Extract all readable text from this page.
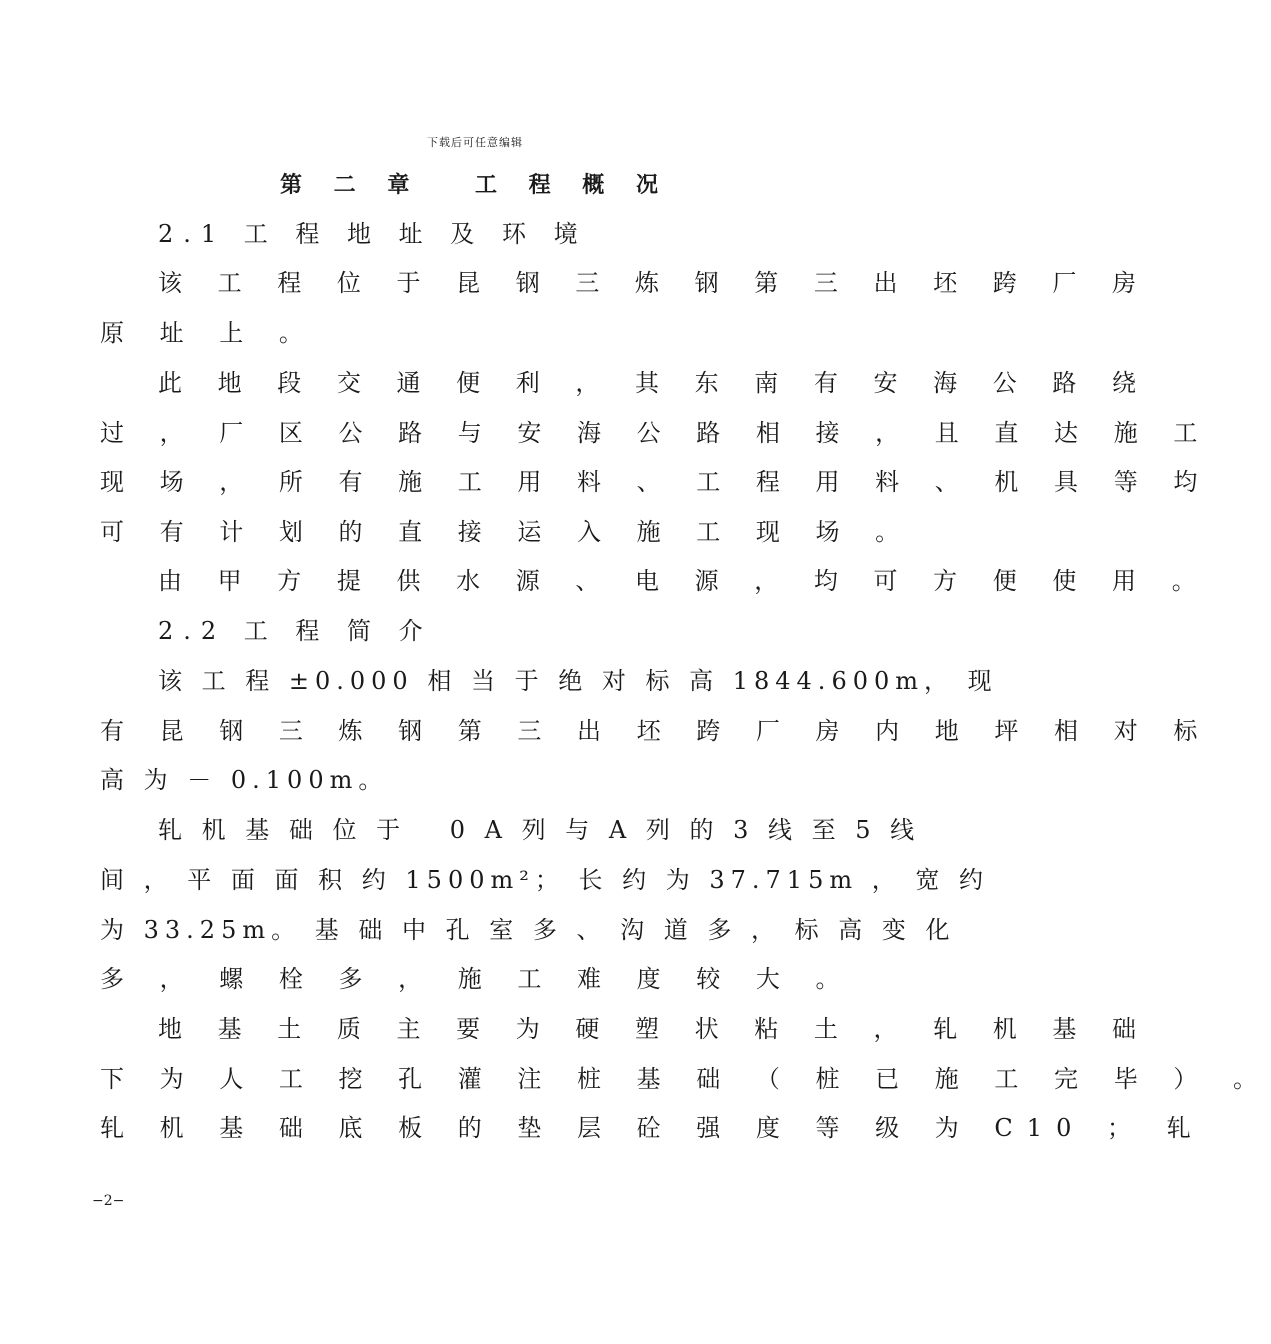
下载后可任意编辑
第 二 章 　工 程 概 况
2.1 工 程 地 址 及 环 境
该 工 程 位 于 昆 钢 三 炼 钢 第 三 出 坯 跨 厂 房
原 址 上 。
此 地 段 交 通 便 利 ， 其 东 南 有 安 海 公 路 绕
过 ， 厂 区 公 路 与 安 海 公 路 相 接 ， 且 直 达 施 工
现 场 ， 所 有 施 工 用 料 、 工 程 用 料 、 机 具 等 均
可 有 计 划 的 直 接 运 入 施 工 现 场 。
由 甲 方 提 供 水 源 、 电 源 ， 均 可 方 便 使 用 。
2.2 工 程 简 介
该 工 程 ±0.000 相 当 于 绝 对 标 高 1844.600m， 现
有 昆 钢 三 炼 钢 第 三 出 坯 跨 厂 房 内 地 坪 相 对 标
高 为 － 0.100m。
轧 机 基 础 位 于 　0 A 列 与 A 列 的 3 线 至 5 线
间 ， 平 面 面 积 约 1500m²； 长 约 为 37.715m ， 宽 约
为 33.25m。 基 础 中 孔 室 多 、 沟 道 多 ， 标 高 变 化
多 ， 螺 栓 多 ， 施 工 难 度 较 大 。
地 基 土 质 主 要 为 硬 塑 状 粘 土 ， 轧 机 基 础
下 为 人 工 挖 孔 灌 注 桩 基 础 （ 桩 已 施 工 完 毕 ） 。
轧 机 基 础 底 板 的 垫 层 砼 强 度 等 级 为 C10 ； 轧
−2−
